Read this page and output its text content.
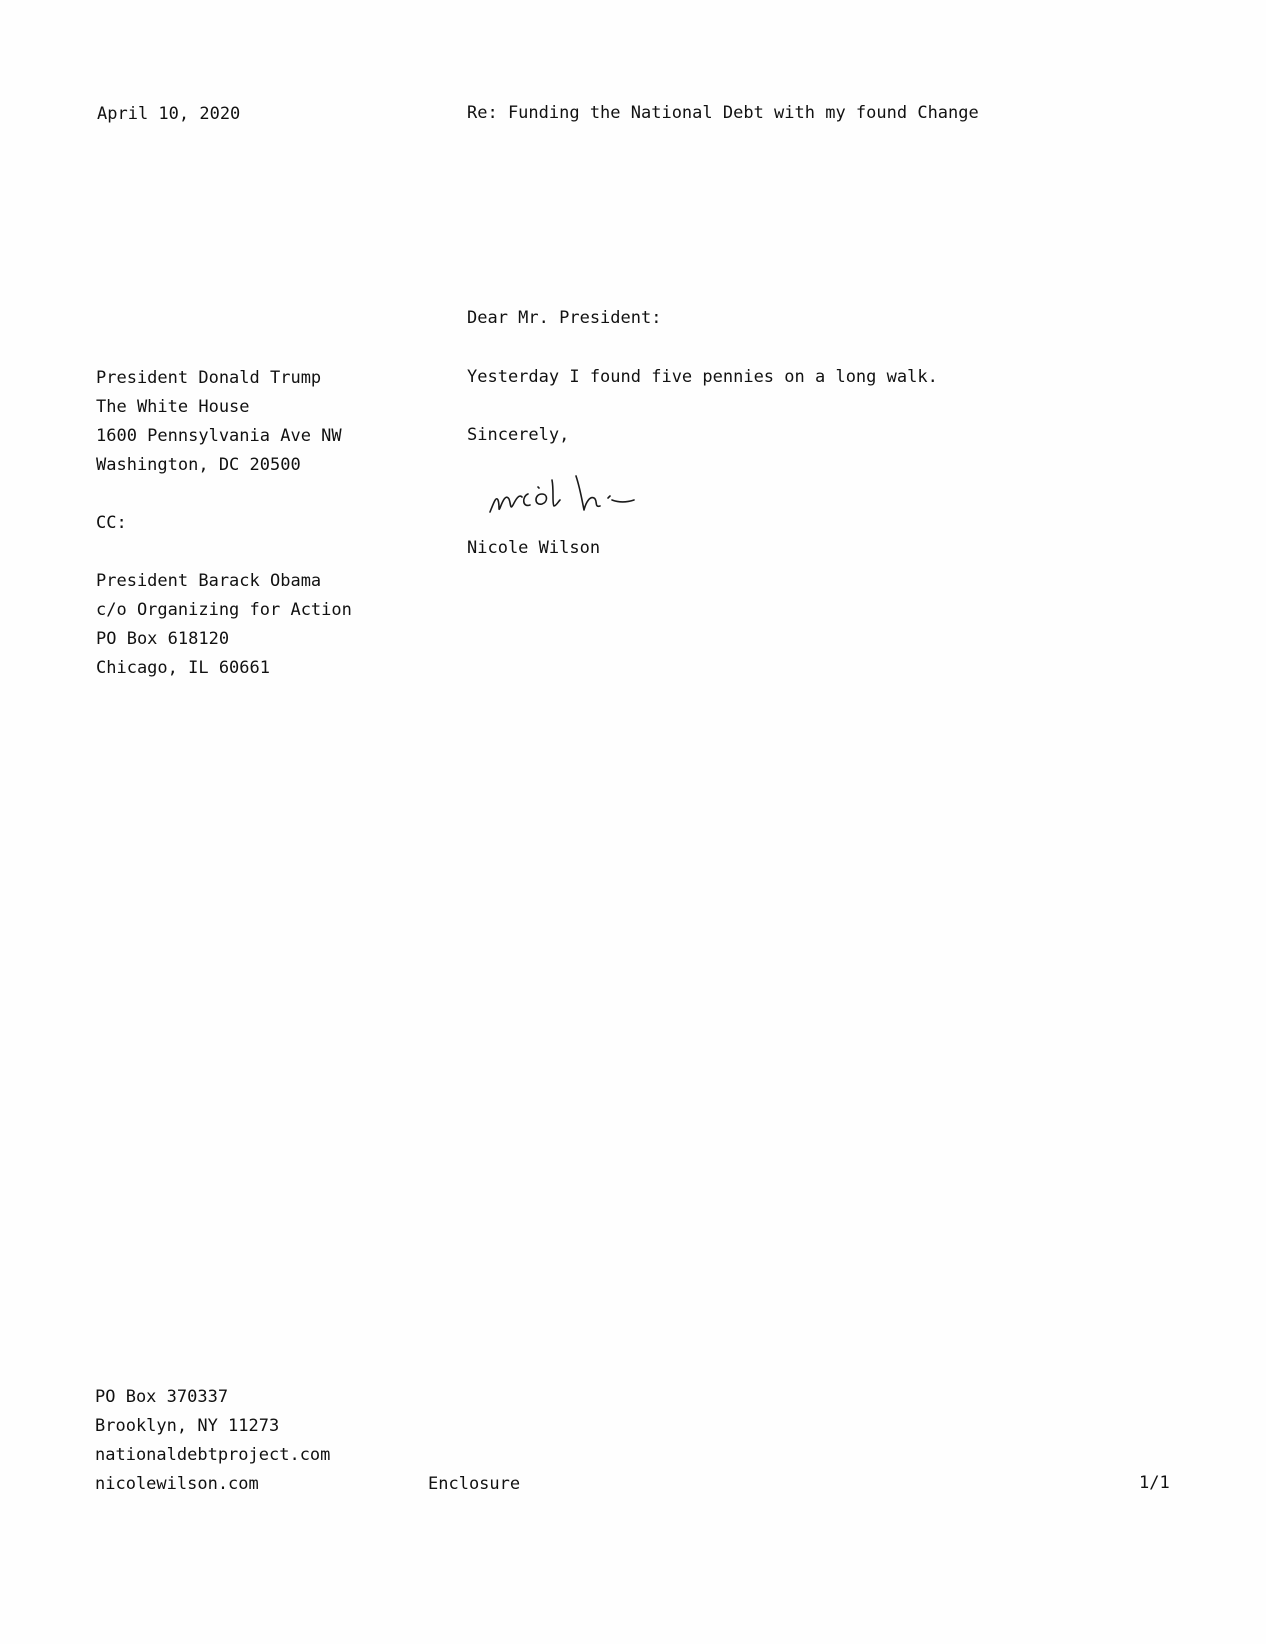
April 10, 2020	Re: Funding the National Debt with my found Change
Dear Mr. President:
President Donald Trump
The White House
1600 Pennsylvania Ave NW
Washington, DC 20500
Yesterday I found five pennies on a long walk.
Sincerely,
Nicole Wilson
CC:
President Barack Obama
c/o Organizing for Action
PO Box 618120
Chicago, IL 60661
PO Box 370337
Brooklyn, NY 11273
nationaldebtproject.com
nicolewilson.com	Enclosure	1/1
